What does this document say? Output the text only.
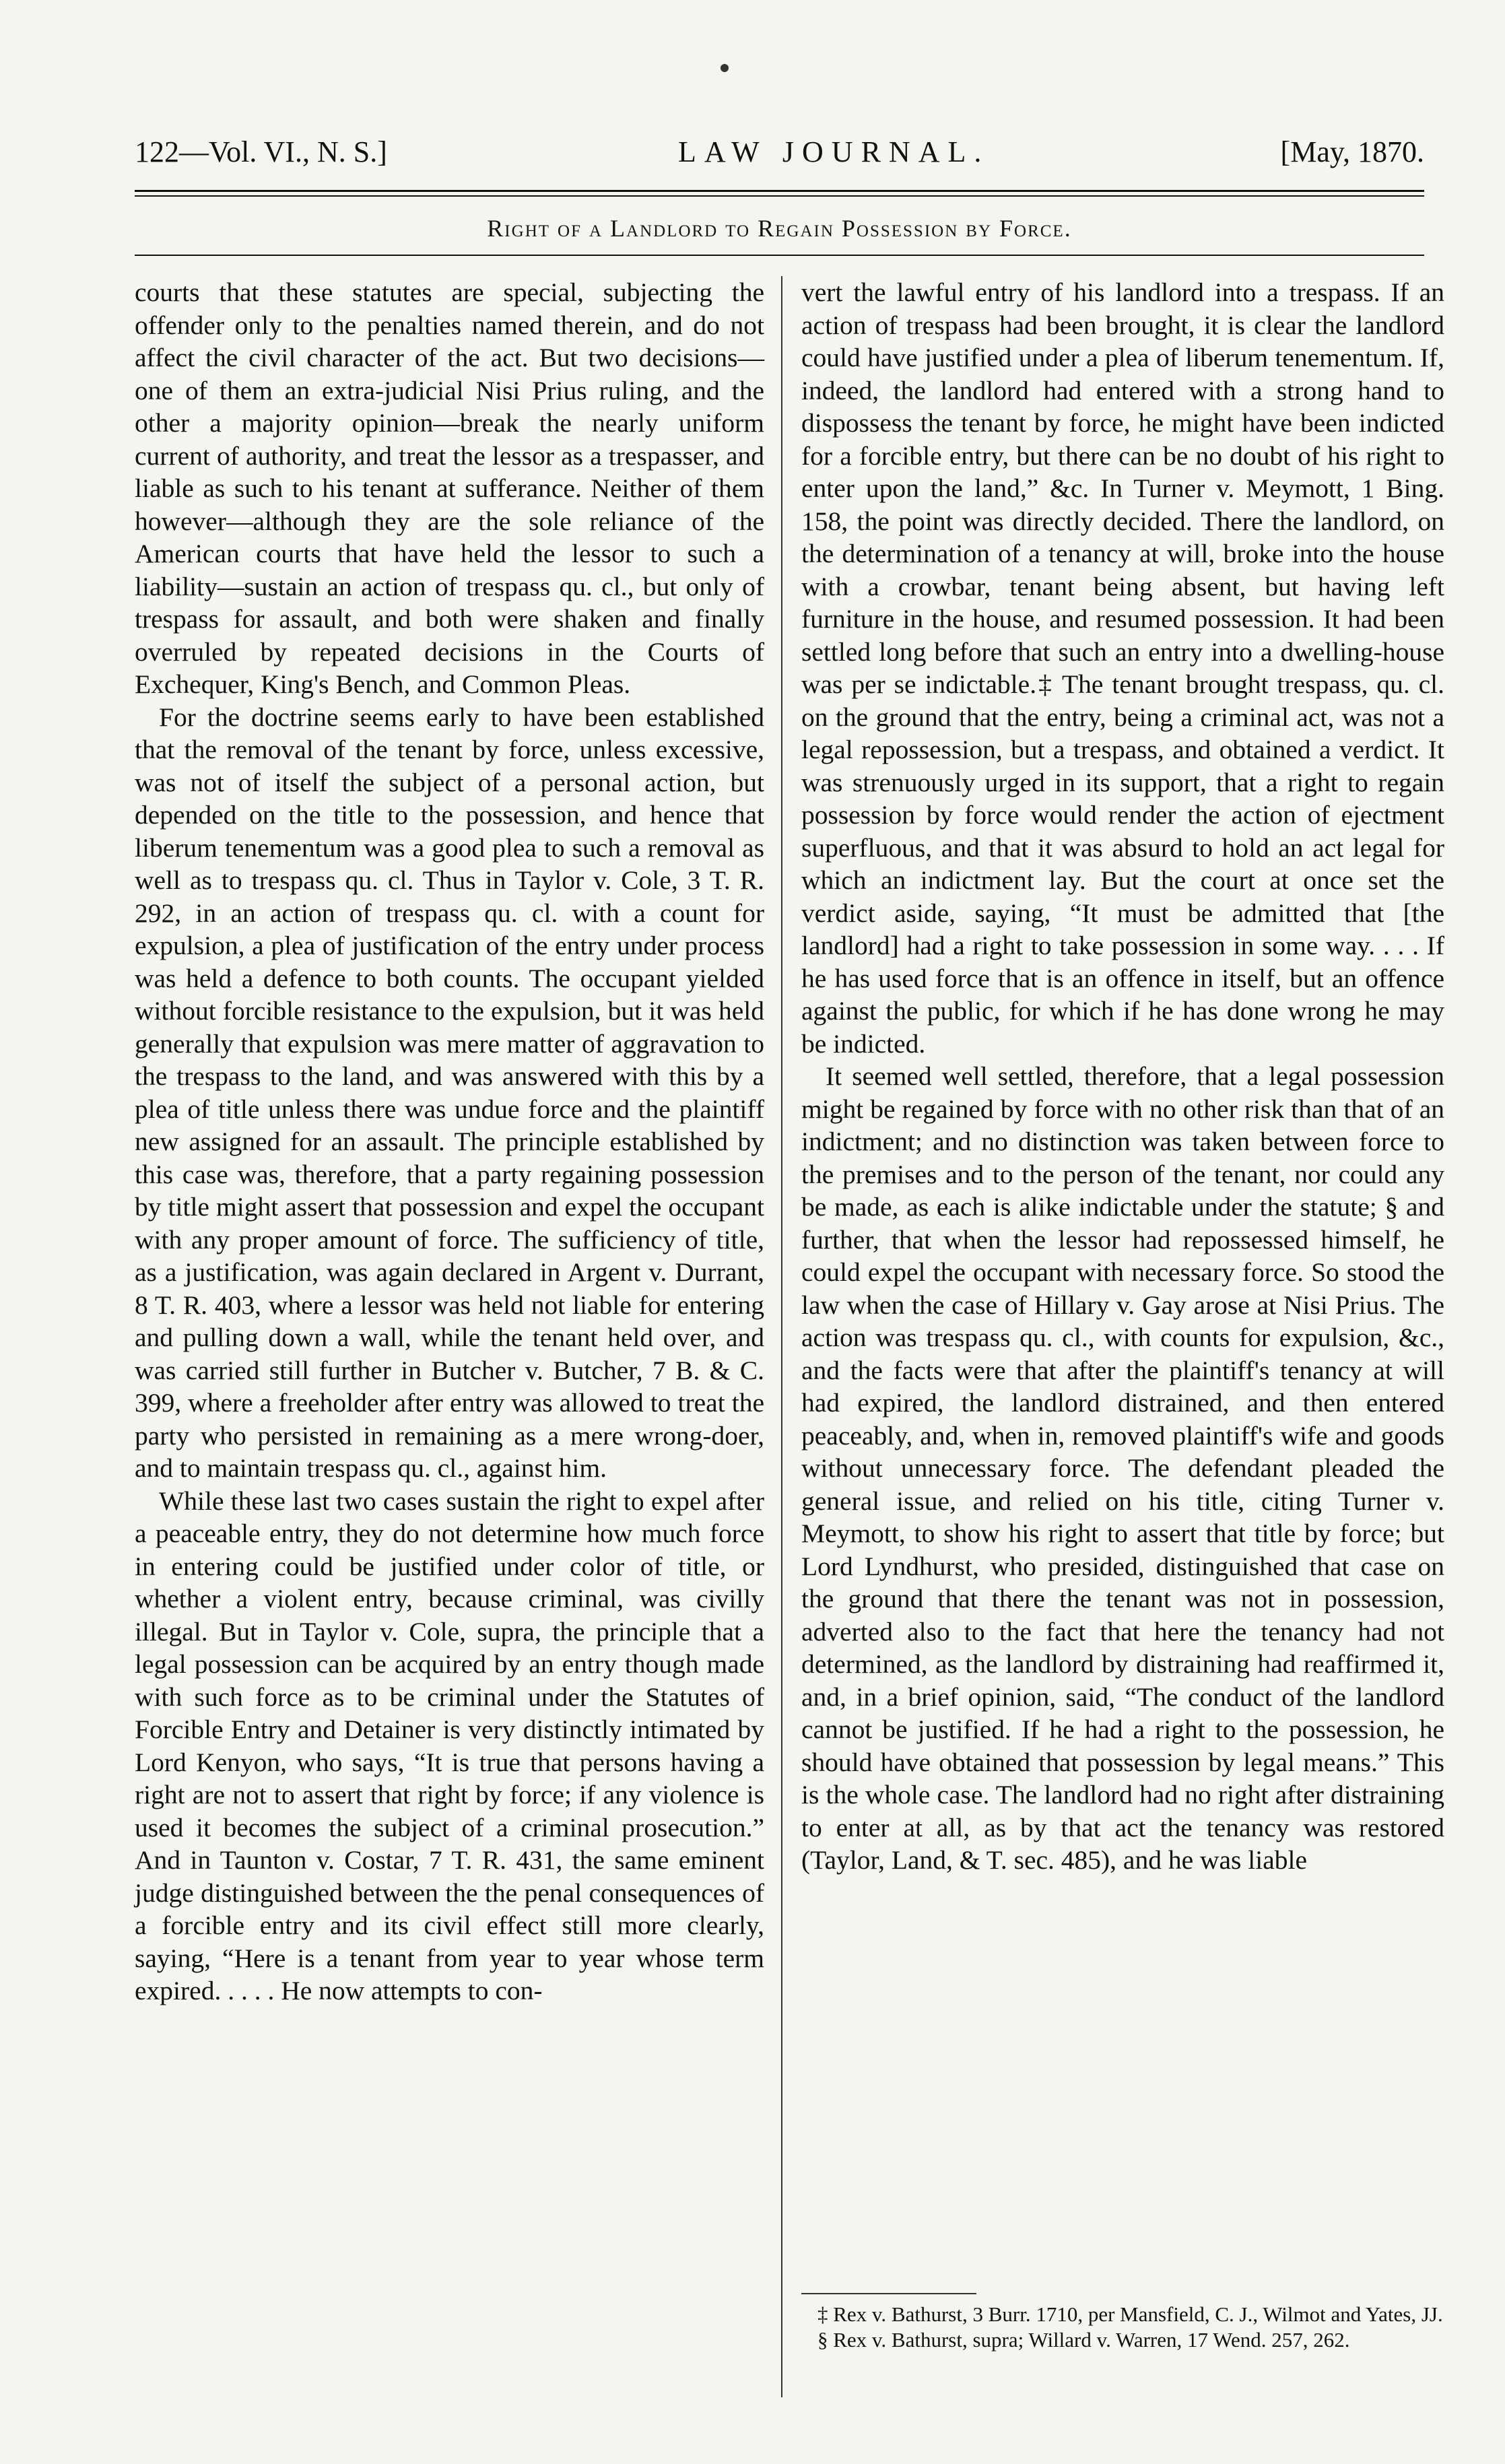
122—Vol. VI., N. S.]	LAW JOURNAL.	[May, 1870.
Right of a Landlord to Regain Possession by Force.

courts that these statutes are special, subjecting the offender only to the penalties named therein, and do not affect the civil character of the act. But two decisions—one of them an extra-judicial Nisi Prius ruling, and the other a majority opinion—break the nearly uniform current of authority, and treat the lessor as a trespasser, and liable as such to his tenant at sufferance. Neither of them however—although they are the sole reliance of the American courts that have held the lessor to such a liability—sustain an action of trespass qu. cl., but only of trespass for assault, and both were shaken and finally overruled by repeated decisions in the Courts of Exchequer, King's Bench, and Common Pleas.

For the doctrine seems early to have been established that the removal of the tenant by force, unless excessive, was not of itself the subject of a personal action, but depended on the title to the possession, and hence that liberum tenementum was a good plea to such a removal as well as to trespass qu. cl. Thus in Taylor v. Cole, 3 T. R. 292, in an action of trespass qu. cl. with a count for expulsion, a plea of justification of the entry under process was held a defence to both counts. The occupant yielded without forcible resistance to the expulsion, but it was held generally that expulsion was mere matter of aggravation to the trespass to the land, and was answered with this by a plea of title unless there was undue force and the plaintiff new assigned for an assault. The principle established by this case was, therefore, that a party regaining possession by title might assert that possession and expel the occupant with any proper amount of force. The sufficiency of title, as a justification, was again declared in Argent v. Durrant, 8 T. R. 403, where a lessor was held not liable for entering and pulling down a wall, while the tenant held over, and was carried still further in Butcher v. Butcher, 7 B. & C. 399, where a freeholder after entry was allowed to treat the party who persisted in remaining as a mere wrong-doer, and to maintain trespass qu. cl., against him.

While these last two cases sustain the right to expel after a peaceable entry, they do not determine how much force in entering could be justified under color of title, or whether a violent entry, because criminal, was civilly illegal. But in Taylor v. Cole, supra, the principle that a legal possession can be acquired by an entry though made with such force as to be criminal under the Statutes of Forcible Entry and Detainer is very distinctly intimated by Lord Kenyon, who says, “It is true that persons having a right are not to assert that right by force; if any violence is used it becomes the subject of a criminal prosecution.” And in Taunton v. Costar, 7 T. R. 431, the same eminent judge distinguished between the the penal consequences of a forcible entry and its civil effect still more clearly, saying, “Here is a tenant from year to year whose term expired. . . . . He now attempts to con-

vert the lawful entry of his landlord into a trespass. If an action of trespass had been brought, it is clear the landlord could have justified under a plea of liberum tenementum. If, indeed, the landlord had entered with a strong hand to dispossess the tenant by force, he might have been indicted for a forcible entry, but there can be no doubt of his right to enter upon the land,” &c. In Turner v. Meymott, 1 Bing. 158, the point was directly decided. There the landlord, on the determination of a tenancy at will, broke into the house with a crowbar, tenant being absent, but having left furniture in the house, and resumed possession. It had been settled long before that such an entry into a dwelling-house was per se indictable.‡ The tenant brought trespass, qu. cl. on the ground that the entry, being a criminal act, was not a legal repossession, but a trespass, and obtained a verdict. It was strenuously urged in its support, that a right to regain possession by force would render the action of ejectment superfluous, and that it was absurd to hold an act legal for which an indictment lay. But the court at once set the verdict aside, saying, “It must be admitted that [the landlord] had a right to take possession in some way. . . . If he has used force that is an offence in itself, but an offence against the public, for which if he has done wrong he may be indicted.

It seemed well settled, therefore, that a legal possession might be regained by force with no other risk than that of an indictment; and no distinction was taken between force to the premises and to the person of the tenant, nor could any be made, as each is alike indictable under the statute; § and further, that when the lessor had repossessed himself, he could expel the occupant with necessary force. So stood the law when the case of Hillary v. Gay arose at Nisi Prius. The action was trespass qu. cl., with counts for expulsion, &c., and the facts were that after the plaintiff's tenancy at will had expired, the landlord distrained, and then entered peaceably, and, when in, removed plaintiff's wife and goods without unnecessary force. The defendant pleaded the general issue, and relied on his title, citing Turner v. Meymott, to show his right to assert that title by force; but Lord Lyndhurst, who presided, distinguished that case on the ground that there the tenant was not in possession, adverted also to the fact that here the tenancy had not determined, as the landlord by distraining had reaffirmed it, and, in a brief opinion, said, “The conduct of the landlord cannot be justified. If he had a right to the possession, he should have obtained that possession by legal means.” This is the whole case. The landlord had no right after distraining to enter at all, as by that act the tenancy was restored (Taylor, Land, & T. sec. 485), and he was liable

‡ Rex v. Bathurst, 3 Burr. 1710, per Mansfield, C. J., Wilmot and Yates, JJ.

§ Rex v. Bathurst, supra; Willard v. Warren, 17 Wend. 257, 262.
